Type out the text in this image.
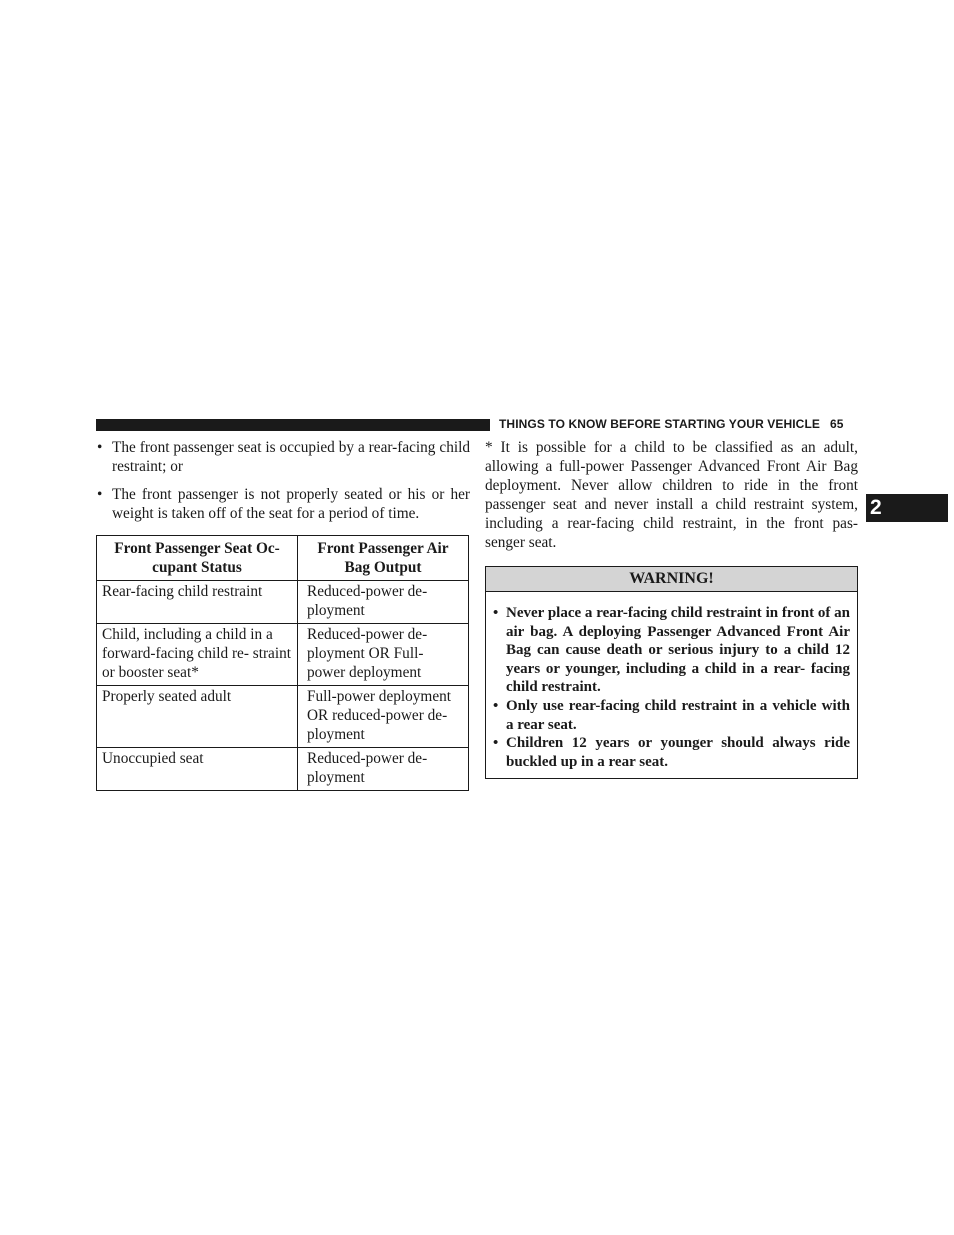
THINGS TO KNOW BEFORE STARTING YOUR VEHICLE 65
2
• The front passenger seat is occupied by a rear-facing child restraint; or
• The front passenger is not properly seated or his or her weight is taken off of the seat for a period of time.
Front Passenger Seat Oc- cupant Status	Front Passenger Air Bag Output
Rear-facing child restraint	Reduced-power de- ployment
Child, including a child in a forward-facing child re- straint or booster seat*	Reduced-power de- ployment OR Full- power deployment
Properly seated adult	Full-power deployment OR reduced-power de- ployment
Unoccupied seat	Reduced-power de- ployment

* It is possible for a child to be classified as an adult, allowing a full-power Passenger Advanced Front Air Bag deployment. Never allow children to ride in the front passenger seat and never install a child restraint system, including a rear-facing child restraint, in the front pas- senger seat.

WARNING!
• Never place a rear-facing child restraint in front of an air bag. A deploying Passenger Advanced Front Air Bag can cause death or serious injury to a child 12 years or younger, including a child in a rear- facing child restraint.
• Only use rear-facing child restraint in a vehicle with a rear seat.
• Children 12 years or younger should always ride buckled up in a rear seat.
